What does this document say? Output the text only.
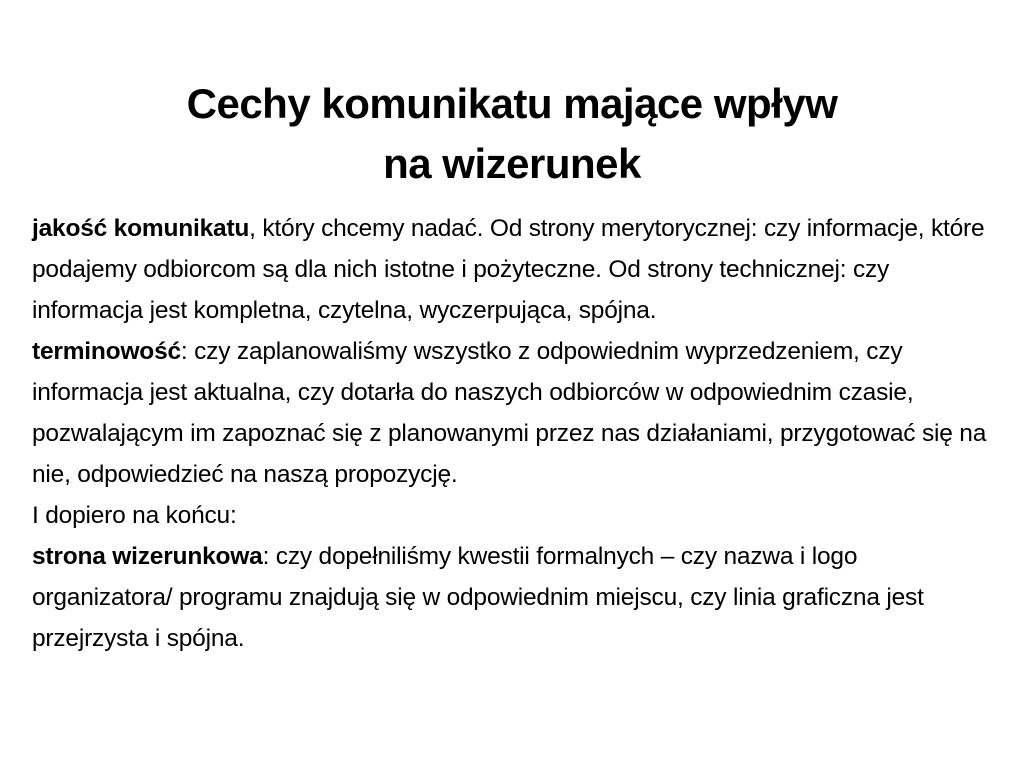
Cechy komunikatu mające wpływ
na wizerunek

jakość komunikatu, który chcemy nadać. Od strony merytorycznej: czy informacje, które podajemy odbiorcom są dla nich istotne i pożyteczne. Od strony technicznej: czy informacja jest kompletna, czytelna, wyczerpująca, spójna.

terminowość: czy zaplanowaliśmy wszystko z odpowiednim wyprzedzeniem, czy informacja jest aktualna, czy dotarła do naszych odbiorców w odpowiednim czasie, pozwalającym im zapoznać się z planowanymi przez nas działaniami, przygotować się na nie, odpowiedzieć na naszą propozycję.

I dopiero na końcu:

strona wizerunkowa: czy dopełniliśmy kwestii formalnych – czy nazwa i logo organizatora/ programu znajdują się w odpowiednim miejscu, czy linia graficzna jest przejrzysta i spójna.
